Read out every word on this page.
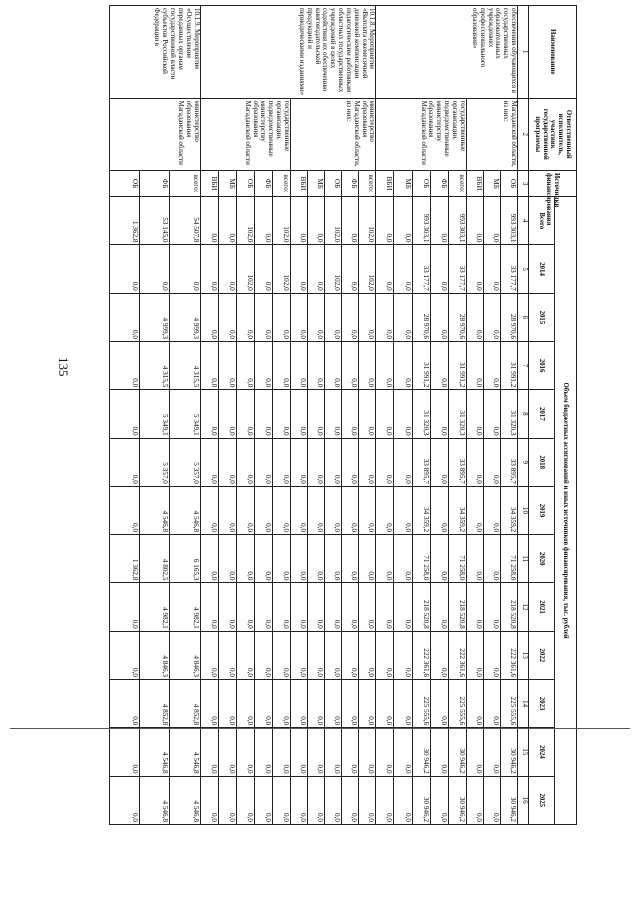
135
Наименование	Ответственный исполнитель, участник государственной программы	Источники финансирования	Объем бюджетных ассигнований и иных источников финансирования, тыс. рублей												
			Всего	2014	2015	2016	2017	2018	2019	2020	2021	2022	2023	2024	2025
1	2	3	4	5	6	7	8	9	10	11	12	13	14	15	16
обеспечения обучающихся в государственных образовательных учреждениях профессионального образования»	Магаданской области, из них:	ОБ	993 303,1	33 177,7	28 970,6	31 991,2	31 320,3	33 895,7	34 359,2	71 258,0	218 520,8	222 361,6	225 555,6	30 946,2	30 946,2
		МБ	0,0	0,0	0,0	0,0	0,0	0,0	0,0	0,0	0,0	0,0	0,0	0,0	0,0
		ВБИ	0,0	0,0	0,0	0,0	0,0	0,0	0,0	0,0	0,0	0,0	0,0	0,0	0,0
	государственные организации, подведомственные министерству образования Магаданской области	всего:	993 303,1	33 177,7	28 970,6	31 991,2	31 320,3	33 895,7	34 359,2	71 258,0	218 520,8	222 361,6	225 555,6	30 946,2	30 946,2
		ФБ	0,0	0,0	0,0	0,0	0,0	0,0	0,0	0,0	0,0	0,0	0,0	0,0	0,0
		ОБ	993 303,1	33 177,7	28 970,6	31 991,2	31 320,3	33 895,7	34 359,2	71 258,0	218 520,8	222 361,6	225 555,6	30 946,2	30 946,2
		МБ	0,0	0,0	0,0	0,0	0,0	0,0	0,0	0,0	0,0	0,0	0,0	0,0	0,0
		ВБИ	0,0	0,0	0,0	0,0	0,0	0,0	0,0	0,0	0,0	0,0	0,0	0,0	0,0
10.1.8. Мероприятие «Выплата ежемесячной денежной компенсации педагогическим работникам областных государственных учреждений в целях содействия их обеспечению книгоиздательской продукцией и периодическими изданиями»	министерство образования Магаданской области, из них:	всего:	102,0	102,0	0,0	0,0	0,0	0,0	0,0	0,0	0,0	0,0	0,0	0,0	0,0
		ФБ	0,0	0,0	0,0	0,0	0,0	0,0	0,0	0,0	0,0	0,0	0,0	0,0	0,0
		ОБ	102,0	102,0	0,0	0,0	0,0	0,0	0,0	0,0	0,0	0,0	0,0	0,0	0,0
		МБ	0,0	0,0	0,0	0,0	0,0	0,0	0,0	0,0	0,0	0,0	0,0	0,0	0,0
		ВБИ	0,0	0,0	0,0	0,0	0,0	0,0	0,0	0,0	0,0	0,0	0,0	0,0	0,0
	государственные организации, подведомственные министерству образования Магаданской области	всего:	102,0	102,0	0,0	0,0	0,0	0,0	0,0	0,0	0,0	0,0	0,0	0,0	0,0
		ФБ	0,0	0,0	0,0	0,0	0,0	0,0	0,0	0,0	0,0	0,0	0,0	0,0	0,0
		ОБ	102,0	102,0	0,0	0,0	0,0	0,0	0,0	0,0	0,0	0,0	0,0	0,0	0,0
		МБ	0,0	0,0	0,0	0,0	0,0	0,0	0,0	0,0	0,0	0,0	0,0	0,0	0,0
		ВБИ	0,0	0,0	0,0	0,0	0,0	0,0	0,0	0,0	0,0	0,0	0,0	0,0	0,0
10.1.9. Мероприятие «Осуществление переданных органам государственной власти субъектов Российской Федерации в	министерство образования Магаданской области	всего:	54 507,8	0,0	4 999,3	4 315,5	5 349,1	5 357,0	4 546,8	6 165,3	4 982,1	4 846,3	4 852,8	4 546,8	4 546,8
		ФБ	53 145,0	0,0	4 999,3	4 315,5	5 349,1	5 357,0	4 546,8	4 802,5	4 982,1	4 846,3	4 852,8	4 546,8	4 546,8
		ОБ	1 362,8	0,0	0,0	0,0	0,0	0,0	0,0	1 362,8	0,0	0,0	0,0	0,0	0,0
